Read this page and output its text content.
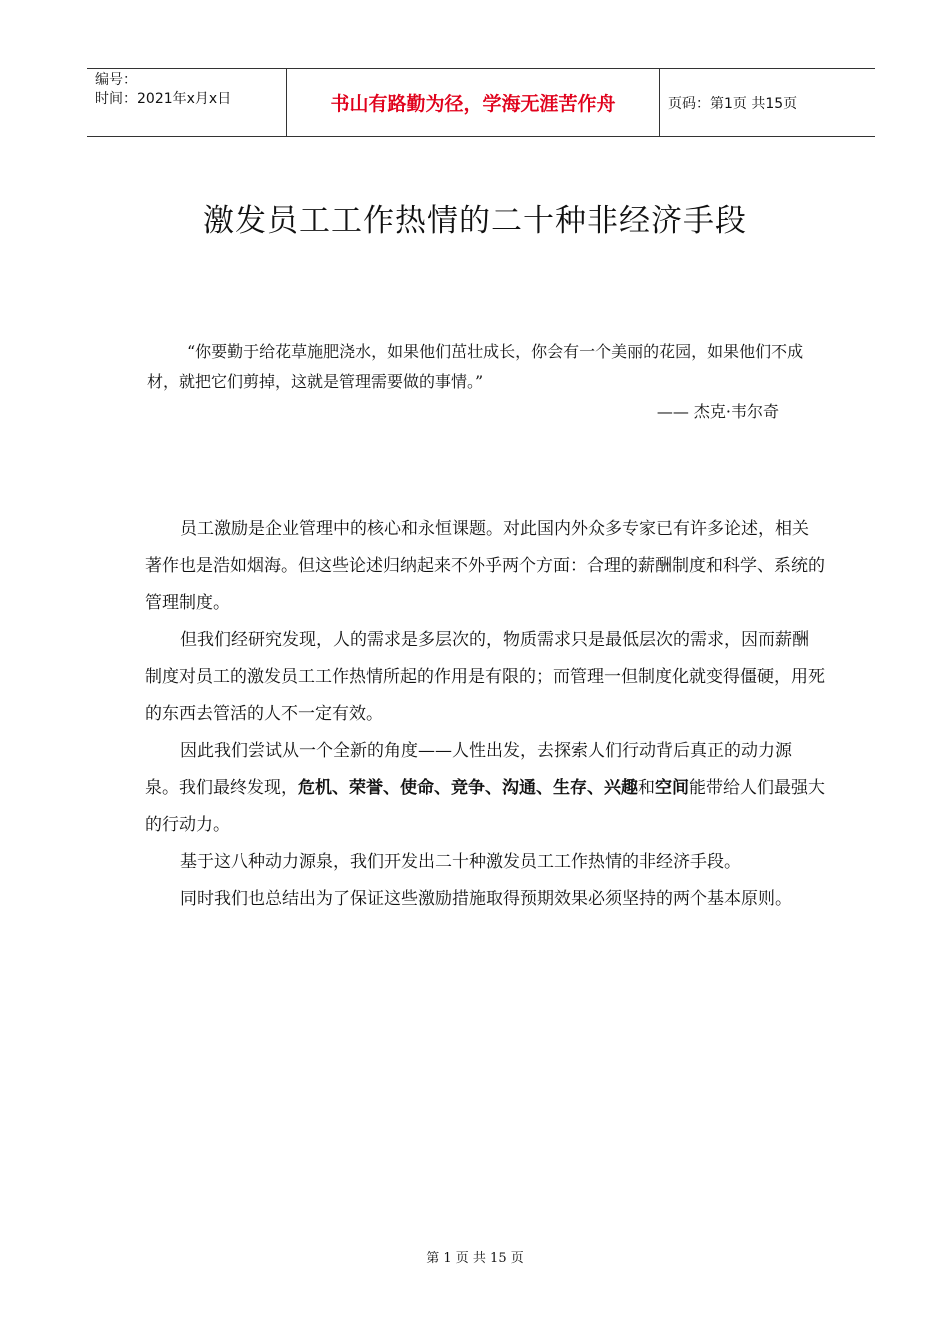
编号：
时间：2021年x月x日	书山有路勤为径，学海无涯苦作舟	页码：第1页 共15页
激发员工工作热情的二十种非经济手段
“你要勤于给花草施肥浇水，如果他们茁壮成长，你会有一个美丽的花园，如果他们不成材，就把它们剪掉，这就是管理需要做的事情。”
—— 杰克·韦尔奇

员工激励是企业管理中的核心和永恒课题。对此国内外众多专家已有许多论述，相关著作也是浩如烟海。但这些论述归纳起来不外乎两个方面：合理的薪酬制度和科学、系统的管理制度。

但我们经研究发现，人的需求是多层次的，物质需求只是最低层次的需求，因而薪酬制度对员工的激发员工工作热情所起的作用是有限的；而管理一但制度化就变得僵硬，用死的东西去管活的人不一定有效。

因此我们尝试从一个全新的角度——人性出发，去探索人们行动背后真正的动力源泉。我们最终发现，危机、荣誉、使命、竞争、沟通、生存、兴趣和空间能带给人们最强大的行动力。

基于这八种动力源泉，我们开发出二十种激发员工工作热情的非经济手段。

同时我们也总结出为了保证这些激励措施取得预期效果必须坚持的两个基本原则。

第 1 页 共 15 页
